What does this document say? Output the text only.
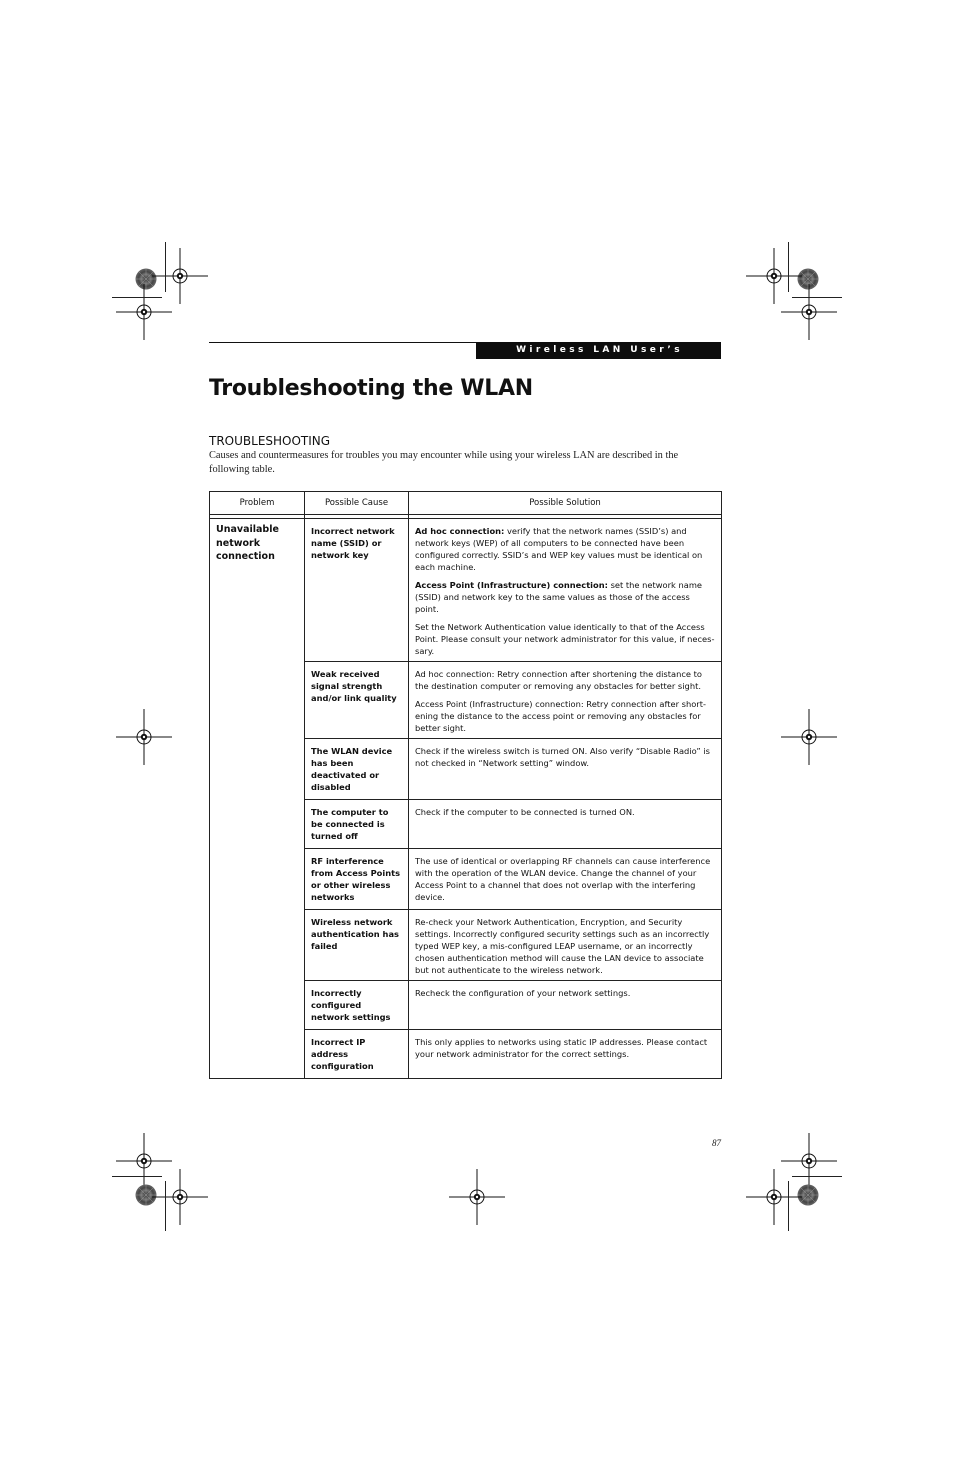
Wireless LAN User’s Guide
Troubleshooting the WLAN
TROUBLESHOOTING

Causes and countermeasures for troubles you may encounter while using your wireless LAN are described in the following table.

Problem	Possible Cause	Possible Solution

Unavailable network connection	Incorrect network name (SSID) or network key	Ad hoc connection: verify that the network names (SSID’s) and network keys (WEP) of all computers to be connected have been configured correctly. SSID’s and WEP key values must be identical on each machine.

Access Point (Infrastructure) connection: set the network name (SSID) and network key to the same values as those of the access point.

Set the Network Authentication value identically to that of the Access Point. Please consult your network administrator for this value, if neces-sary.

	Weak received signal strength and/or link quality	Ad hoc connection: Retry connection after shortening the distance to the destination computer or removing any obstacles for better sight.

Access Point (Infrastructure) connection: Retry connection after short-ening the distance to the access point or removing any obstacles for better sight.

	The WLAN device has been deactivated or disabled	Check if the wireless switch is turned ON. Also verify “Disable Radio” is not checked in “Network setting” window.

	The computer to be connected is turned off	Check if the computer to be connected is turned ON.

	RF interference from Access Points or other wireless networks	The use of identical or overlapping RF channels can cause interference with the operation of the WLAN device. Change the channel of your Access Point to a channel that does not overlap with the interfering device.

	Wireless network authentication has failed	Re-check your Network Authentication, Encryption, and Security settings. Incorrectly configured security settings such as an incorrectly typed WEP key, a mis-configured LEAP username, or an incorrectly chosen authentication method will cause the LAN device to associate but not authenticate to the wireless network.

	Incorrectly configured network settings	Recheck the configuration of your network settings.

	Incorrect IP address configuration	This only applies to networks using static IP addresses. Please contact your network administrator for the correct settings.

87
